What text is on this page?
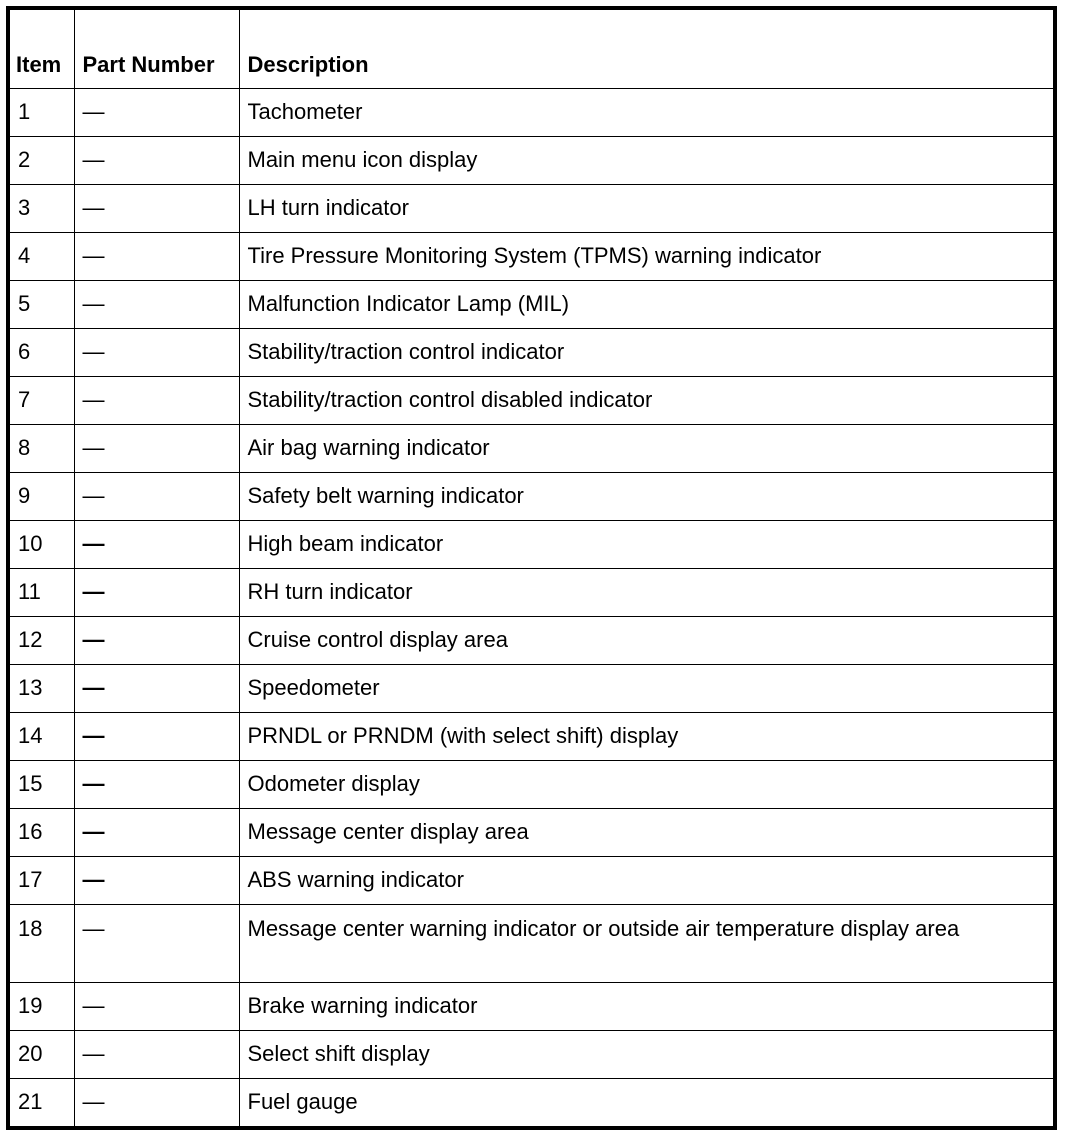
Item	Part Number	Description
1	—	Tachometer
2	—	Main menu icon display
3	—	LH turn indicator
4	—	Tire Pressure Monitoring System (TPMS) warning indicator
5	—	Malfunction Indicator Lamp (MIL)
6	—	Stability/traction control indicator
7	—	Stability/traction control disabled indicator
8	—	Air bag warning indicator
9	—	Safety belt warning indicator
10	—	High beam indicator
11	—	RH turn indicator
12	—	Cruise control display area
13	—	Speedometer
14	—	PRNDL or PRNDM (with select shift) display
15	—	Odometer display
16	—	Message center display area
17	—	ABS warning indicator
18	—	Message center warning indicator or outside air temperature display area
19	—	Brake warning indicator
20	—	Select shift display
21	—	Fuel gauge
